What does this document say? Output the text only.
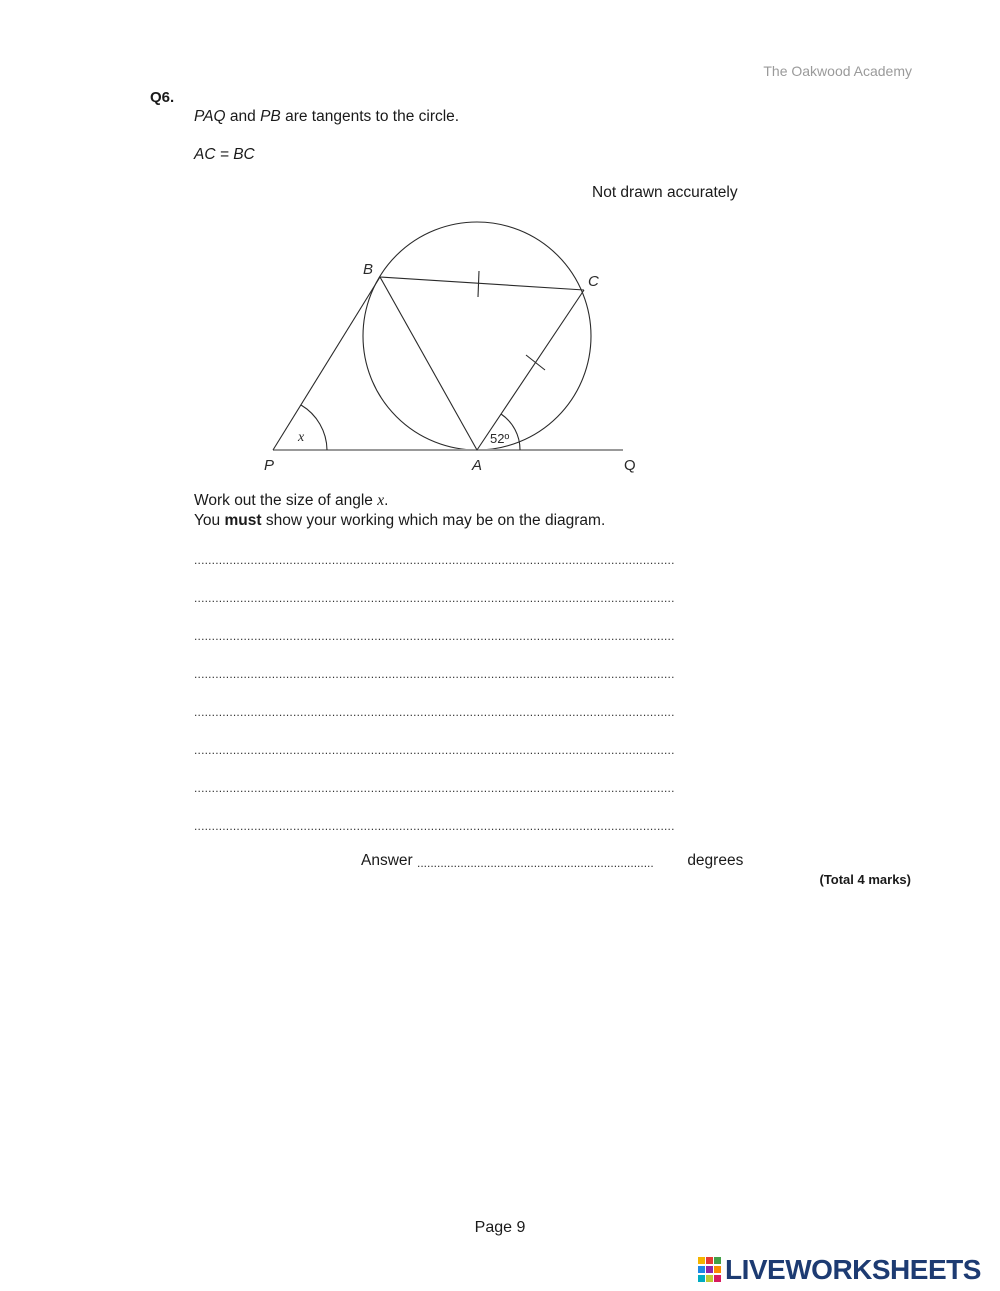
The Oakwood Academy
Q6.
PAQ and PB are tangents to the circle.
AC = BC
Not drawn accurately
B
C
P	A	Q
x	52º
Work out the size of angle x.
You must show your working which may be on the diagram.
........................................................................................................................................
........................................................................................................................................
........................................................................................................................................
........................................................................................................................................
........................................................................................................................................
........................................................................................................................................
........................................................................................................................................
........................................................................................................................................
Answer ....................................................................... degrees
(Total 4 marks)
Page 9
LIVEWORKSHEETS
